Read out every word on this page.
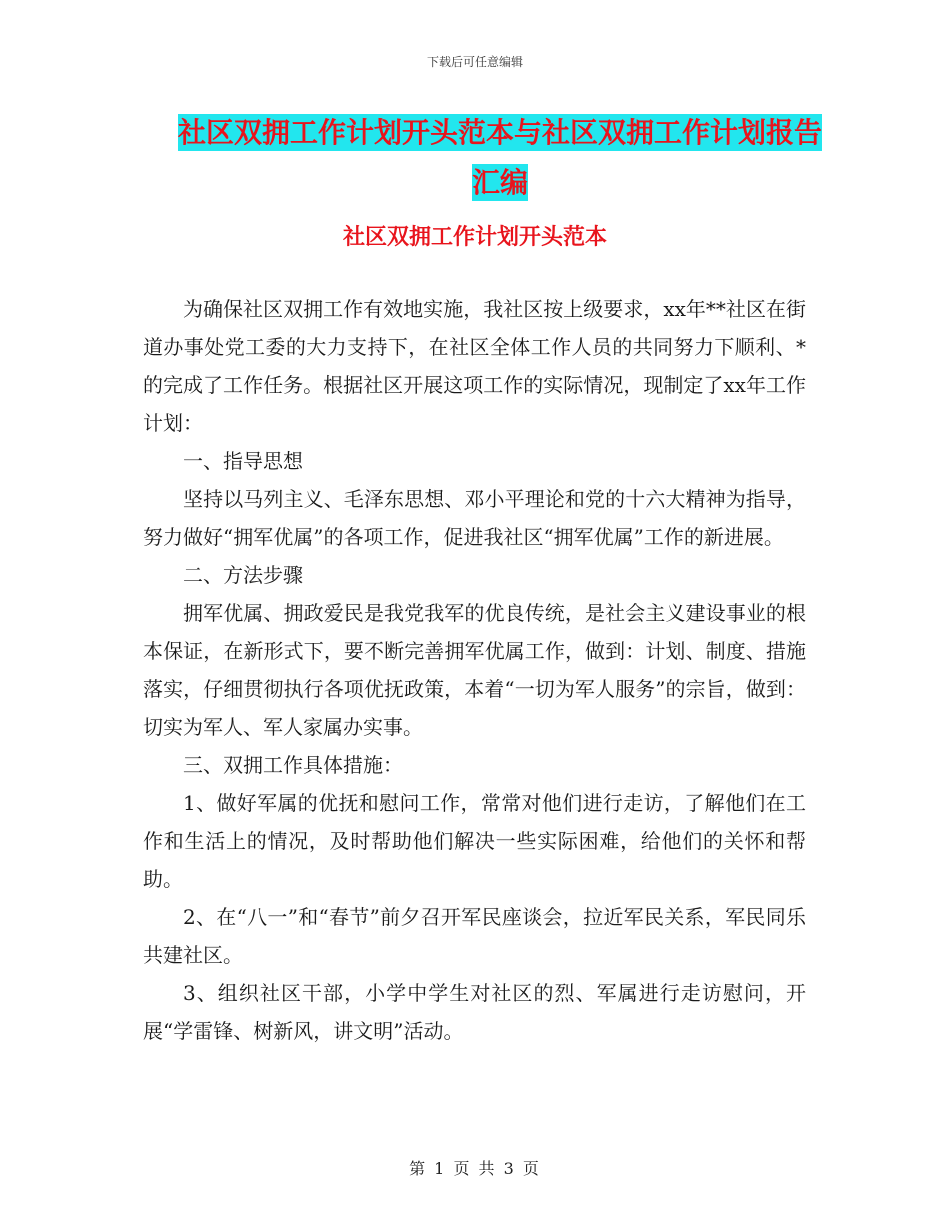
下载后可任意编辑
社区双拥工作计划开头范本与社区双拥工作计划报告
汇编
社区双拥工作计划开头范本

为确保社区双拥工作有效地实施，我社区按上级要求，xx年**社区在街道办事处党工委的大力支持下，在社区全体工作人员的共同努力下顺利、*的完成了工作任务。根据社区开展这项工作的实际情况，现制定了xx年工作计划：

一、指导思想

坚持以马列主义、毛泽东思想、邓小平理论和党的十六大精神为指导，努力做好“拥军优属”的各项工作，促进我社区“拥军优属”工作的新进展。

二、方法步骤

拥军优属、拥政爱民是我党我军的优良传统，是社会主义建设事业的根本保证，在新形式下，要不断完善拥军优属工作，做到：计划、制度、措施落实，仔细贯彻执行各项优抚政策，本着“一切为军人服务”的宗旨，做到：切实为军人、军人家属办实事。

三、双拥工作具体措施：

1、做好军属的优抚和慰问工作，常常对他们进行走访，了解他们在工作和生活上的情况，及时帮助他们解决一些实际困难，给他们的关怀和帮助。

2、在“八一”和“春节”前夕召开军民座谈会，拉近军民关系，军民同乐共建社区。

3、组织社区干部，小学中学生对社区的烈、军属进行走访慰问，开展“学雷锋、树新风，讲文明”活动。

第 1 页 共 3 页
